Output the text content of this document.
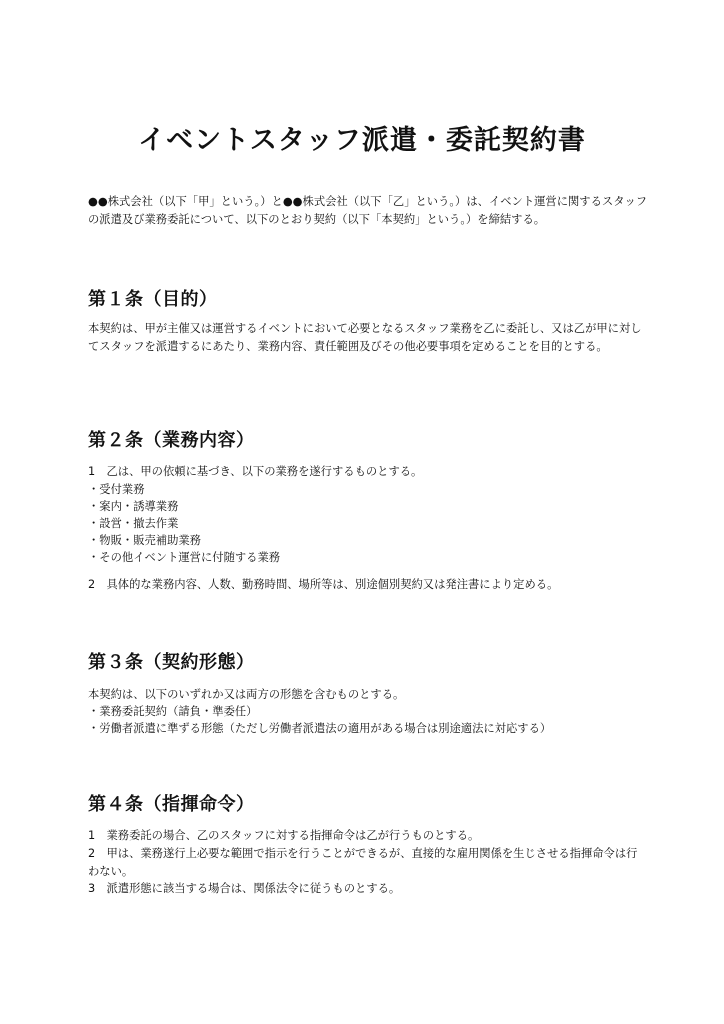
イベントスタッフ派遣・委託契約書

●●株式会社（以下「甲」という。）と●●株式会社（以下「乙」という。）は、イベント運営に関するスタッフの派遣及び業務委託について、以下のとおり契約（以下「本契約」という。）を締結する。

第１条（目的）

本契約は、甲が主催又は運営するイベントにおいて必要となるスタッフ業務を乙に委託し、又は乙が甲に対してスタッフを派遣するにあたり、業務内容、責任範囲及びその他必要事項を定めることを目的とする。

第２条（業務内容）

1　乙は、甲の依頼に基づき、以下の業務を遂行するものとする。

・受付業務

・案内・誘導業務

・設営・撤去作業

・物販・販売補助業務

・その他イベント運営に付随する業務

2　具体的な業務内容、人数、勤務時間、場所等は、別途個別契約又は発注書により定める。

第３条（契約形態）

本契約は、以下のいずれか又は両方の形態を含むものとする。

・業務委託契約（請負・準委任）

・労働者派遣に準ずる形態（ただし労働者派遣法の適用がある場合は別途適法に対応する）

第４条（指揮命令）

1　業務委託の場合、乙のスタッフに対する指揮命令は乙が行うものとする。

2　甲は、業務遂行上必要な範囲で指示を行うことができるが、直接的な雇用関係を生じさせる指揮命令は行わない。

3　派遣形態に該当する場合は、関係法令に従うものとする。
